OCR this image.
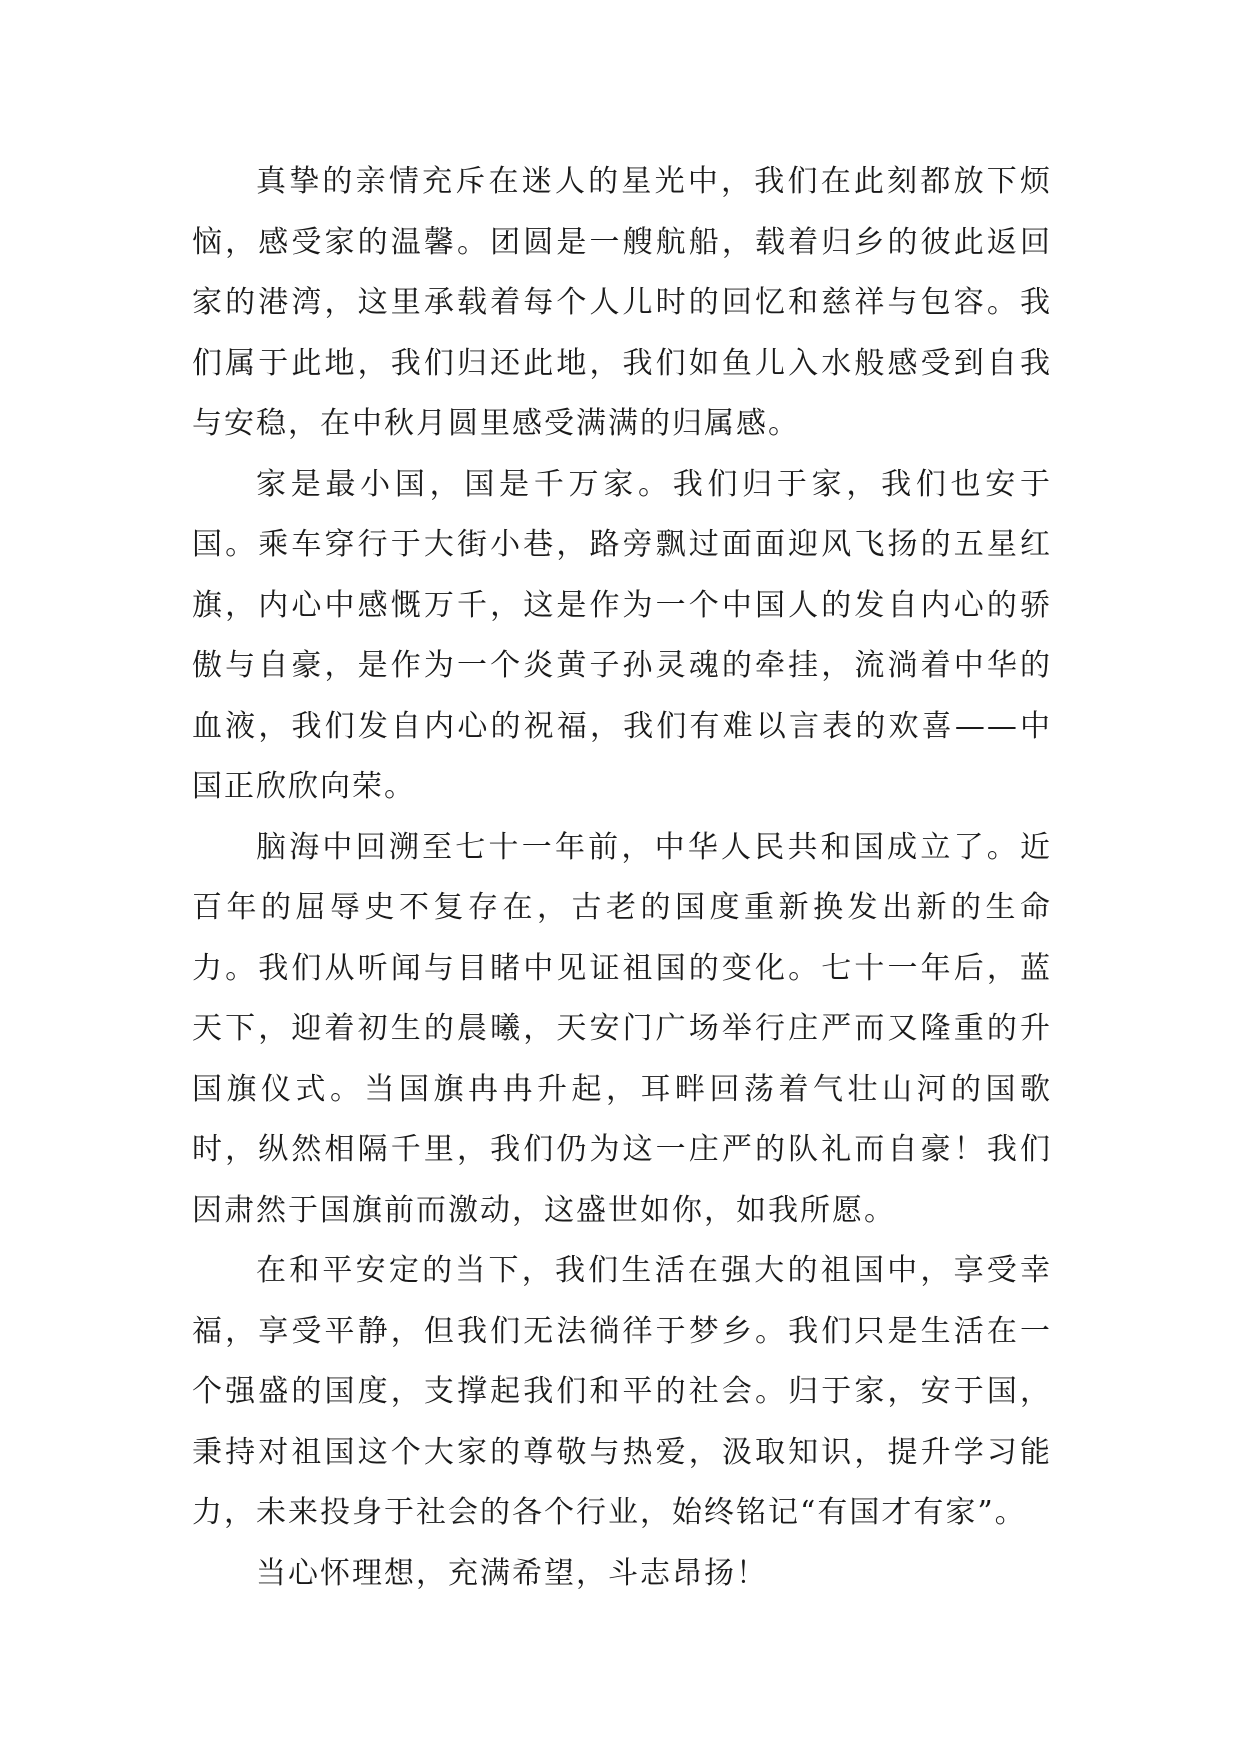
真挚的亲情充斥在迷人的星光中，我们在此刻都放下烦恼，感受家的温馨。团圆是一艘航船，载着归乡的彼此返回家的港湾，这里承载着每个人儿时的回忆和慈祥与包容。我们属于此地，我们归还此地，我们如鱼儿入水般感受到自我与安稳，在中秋月圆里感受满满的归属感。

家是最小国，国是千万家。我们归于家，我们也安于国。乘车穿行于大街小巷，路旁飘过面面迎风飞扬的五星红旗，内心中感慨万千，这是作为一个中国人的发自内心的骄傲与自豪，是作为一个炎黄子孙灵魂的牵挂，流淌着中华的血液，我们发自内心的祝福，我们有难以言表的欢喜——中国正欣欣向荣。

脑海中回溯至七十一年前，中华人民共和国成立了。近百年的屈辱史不复存在，古老的国度重新换发出新的生命力。我们从听闻与目睹中见证祖国的变化。七十一年后，蓝天下，迎着初生的晨曦，天安门广场举行庄严而又隆重的升国旗仪式。当国旗冉冉升起，耳畔回荡着气壮山河的国歌时，纵然相隔千里，我们仍为这一庄严的队礼而自豪！我们因肃然于国旗前而激动，这盛世如你，如我所愿。

在和平安定的当下，我们生活在强大的祖国中，享受幸福，享受平静，但我们无法徜徉于梦乡。我们只是生活在一个强盛的国度，支撑起我们和平的社会。归于家，安于国，秉持对祖国这个大家的尊敬与热爱，汲取知识，提升学习能力，未来投身于社会的各个行业，始终铭记“有国才有家”。

当心怀理想，充满希望，斗志昂扬！
